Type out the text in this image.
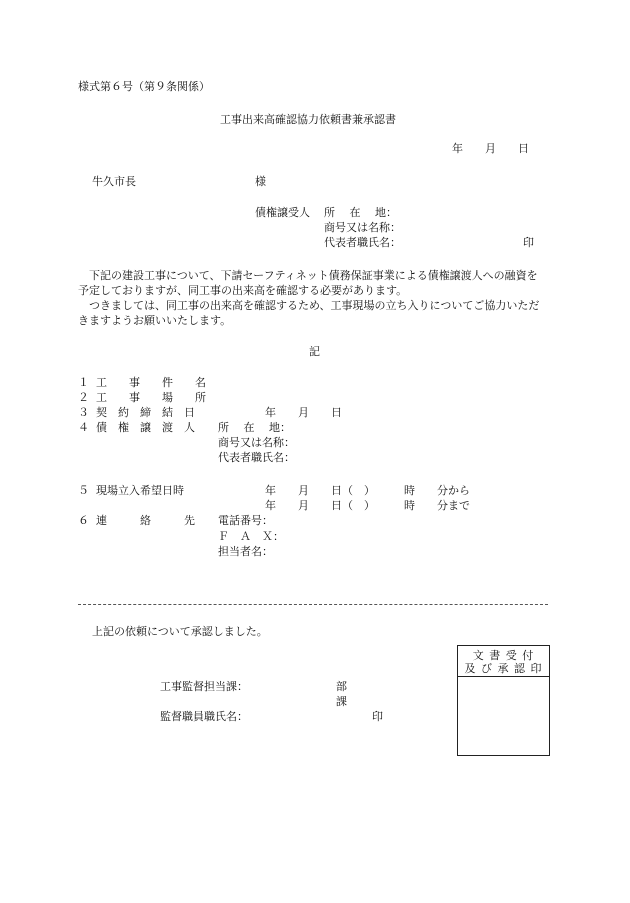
様式第６号（第９条関係）
工事出来高確認協力依頼書兼承認書
年　　月　　日
牛久市長	様
債権譲受人 所　 在　 地：
商号又は名称：
代表者職氏名：	印
　下記の建設工事について、下請セーフティネット債務保証事業による債権譲渡人への融資を予定しておりますが、同工事の出来高を確認する必要があります。
　つきましては、同工事の出来高を確認するため、工事現場の立ち入りについてご協力いただきますようお願いいたします。
記
１ 工　　事　　件　　名
２ 工　　事　　場　　所
３ 契　約　締　結　日	年　　月　　日
４ 債　権　譲　渡　人 所　 在　 地：
商号又は名称：
代表者職氏名：
５ 現場立入希望日時	年　　月　　日（　）	時　　分から
年　　月　　日（　）	時　　分まで
６ 連　　　絡　　　先 電話番号：
Ｆ　Ａ　Ｘ：
担当者名：
上記の依頼について承認しました。
工事監督担当課：	部
課
監督職員職氏名：	印
文 書 受 付
及 び 承 認 印
